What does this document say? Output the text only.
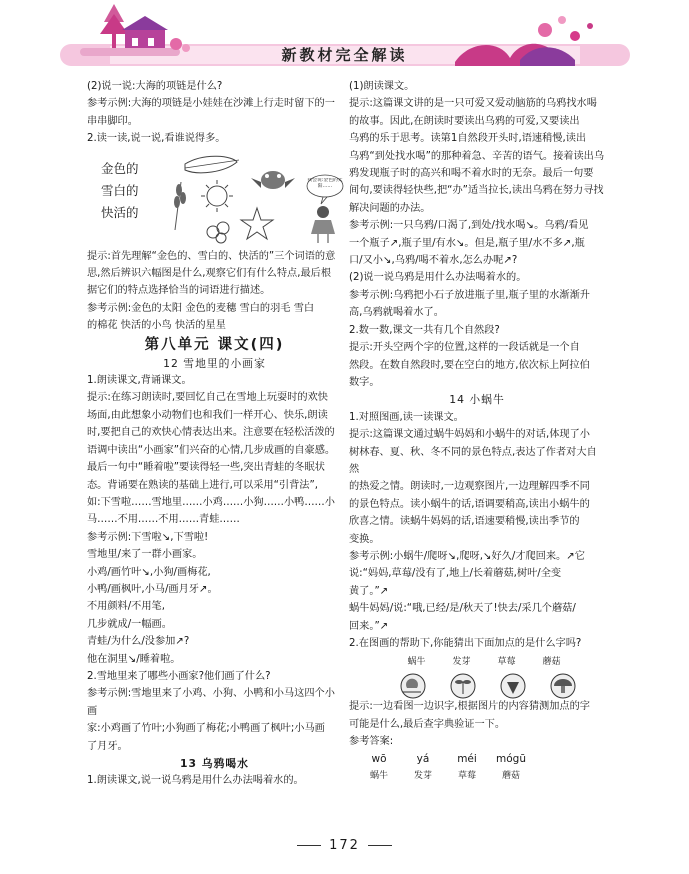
新教材完全解读

(2)说一说:大海的项链是什么?

参考示例:大海的项链是小娃娃在沙滩上行走时留下的一

串串脚印。

2.读一读,说一说,看谁说得多。

金色的
雪白的
快活的
我会说:金色的太阳……

提示:首先理解“金色的、雪白的、快活的”三个词语的意

思,然后辨识六幅图是什么,观察它们有什么特点,最后根

据它们的特点选择恰当的词语进行描述。

参考示例:金色的太阳 金色的麦穗 雪白的羽毛 雪白

的棉花 快活的小鸟 快活的星星

第八单元 课文(四)

12 雪地里的小画家

1.朗读课文,背诵课文。

提示:在练习朗读时,要回忆自己在雪地上玩耍时的欢快

场面,由此想象小动物们也和我们一样开心、快乐,朗读

时,要把自己的欢快心情表达出来。注意要在轻松活泼的

语调中读出“小画家”们兴奋的心情,几步成画的自豪感。

最后一句中“睡着啦”要读得轻一些,突出青蛙的冬眠状

态。背诵要在熟读的基础上进行,可以采用“引背法”,

如:下雪啦……雪地里……小鸡……小狗……小鸭……小

马……不用……不用……青蛙……

参考示例:下雪啦↘,下雪啦!

雪地里/来了一群小画家。

小鸡/画竹叶↘,小狗/画梅花,

小鸭/画枫叶,小马/画月牙↗。

不用颜料/不用笔,

几步就成/一幅画。

青蛙/为什么/没参加↗?

他在洞里↘/睡着啦。

2.雪地里来了哪些小画家?他们画了什么?

参考示例:雪地里来了小鸡、小狗、小鸭和小马这四个小画

家:小鸡画了竹叶;小狗画了梅花;小鸭画了枫叶;小马画

了月牙。

13 乌鸦喝水

1.朗读课文,说一说乌鸦是用什么办法喝着水的。

(1)朗读课文。

提示:这篇课文讲的是一只可爱又爱动脑筋的乌鸦找水喝

的故事。因此,在朗读时要读出乌鸦的可爱,又要读出

乌鸦的乐于思考。读第1自然段开头时,语速稍慢,读出

乌鸦“到处找水喝”的那种着急、辛苦的语气。接着读出乌

鸦发现瓶子时的高兴和喝不着水时的无奈。最后一句要

间句,要读得轻快些,把“办”适当拉长,读出乌鸦在努力寻找

解决问题的办法。

参考示例:一只乌鸦/口渴了,到处/找水喝↘。乌鸦/看见

一个瓶子↗,瓶子里/有水↘。但是,瓶子里/水不多↗,瓶

口/又小↘,乌鸦/喝不着水,怎么办呢↗?

(2)说一说乌鸦是用什么办法喝着水的。

参考示例:乌鸦把小石子放进瓶子里,瓶子里的水渐渐升

高,乌鸦就喝着水了。

2.数一数,课文一共有几个自然段?

提示:开头空两个字的位置,这样的一段话就是一个自

然段。在数自然段时,要在空白的地方,依次标上阿拉伯

数字。

14 小蜗牛

1.对照图画,读一读课文。

提示:这篇课文通过蜗牛妈妈和小蜗牛的对话,体现了小

树林春、夏、秋、冬不同的景色特点,表达了作者对大自然

的热爱之情。朗读时,一边观察图片,一边理解四季不同

的景色特点。读小蜗牛的话,语调要稍高,读出小蜗牛的

欣喜之情。读蜗牛妈妈的话,语速要稍慢,读出季节的

变换。

参考示例:小蜗牛/爬呀↘,爬呀,↘好久/才爬回来。↗它

说:“妈妈,草莓/没有了,地上/长着蘑菇,树叶/全变

黄了。”↗

蜗牛妈妈/说:“哦,已经/是/秋天了!快去/采几个蘑菇/

回来。”↗

2.在图画的帮助下,你能猜出下面加点的是什么字吗?

蜗牛	发芽	草莓	蘑菇

提示:一边看图一边识字,根据图片的内容猜测加点的字

可能是什么,最后查字典验证一下。

参考答案:

wō	yá	méi	mógū
蜗牛	发芽	草莓	蘑菇
172
